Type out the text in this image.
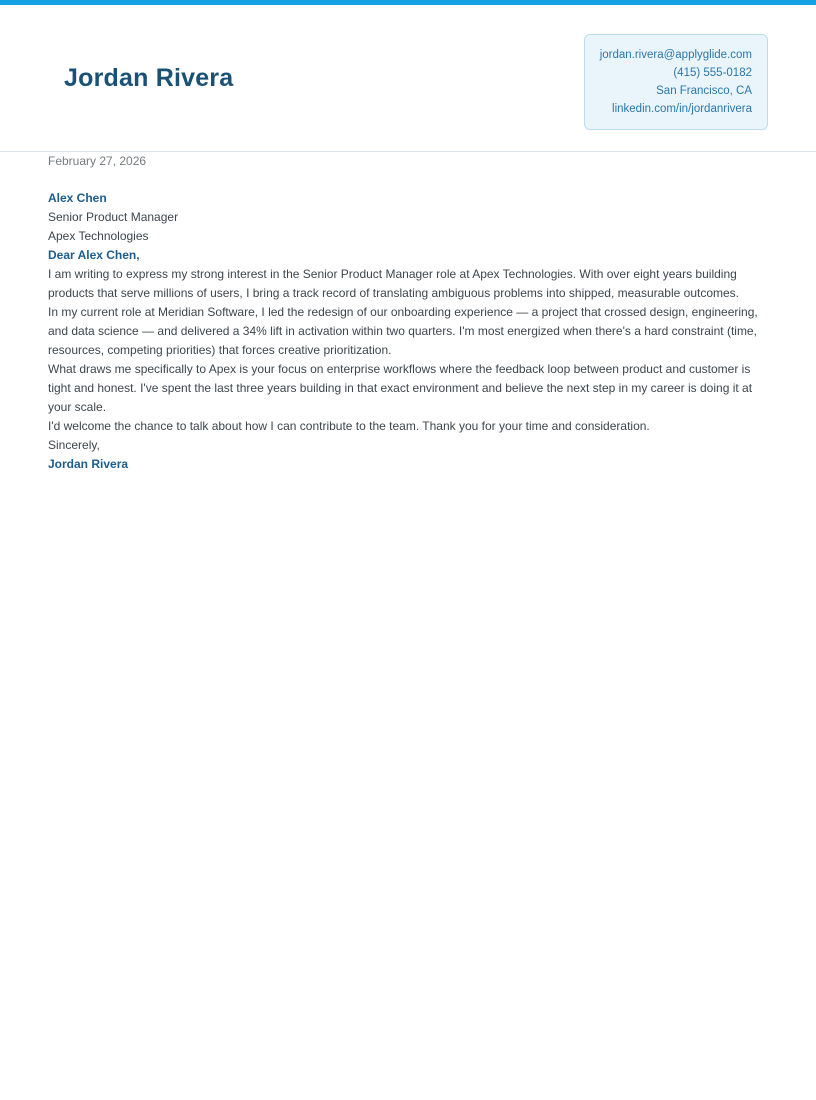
Jordan Rivera

jordan.rivera@applyglide.com

(415) 555-0182

San Francisco, CA

linkedin.com/in/jordanrivera

February 27, 2026

Alex Chen

Senior Product Manager

Apex Technologies

Dear Alex Chen,

I am writing to express my strong interest in the Senior Product Manager role at Apex Technologies. With over eight years building products that serve millions of users, I bring a track record of translating ambiguous problems into shipped, measurable outcomes.

In my current role at Meridian Software, I led the redesign of our onboarding experience — a project that crossed design, engineering, and data science — and delivered a 34% lift in activation within two quarters. I'm most energized when there's a hard constraint (time, resources, competing priorities) that forces creative prioritization.

What draws me specifically to Apex is your focus on enterprise workflows where the feedback loop between product and customer is tight and honest. I've spent the last three years building in that exact environment and believe the next step in my career is doing it at your scale.

I'd welcome the chance to talk about how I can contribute to the team. Thank you for your time and consideration.

Sincerely,

Jordan Rivera
